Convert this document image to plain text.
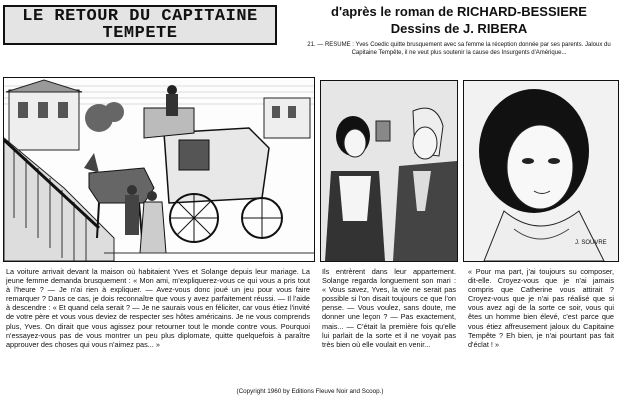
LE RETOUR DU CAPITAINE
TEMPETE
d'après le roman de RICHARD-BESSIERE
Dessins de J. RIBERA
21. — RESUME : Yves Coedic quitte brusquement avec sa femme la réception donnée par ses parents. Jaloux du Capitaine Tempête, il ne veut plus soutenir la cause des Insurgents d'Amérique...
J. SOUVRE
La voiture arrivait devant la maison où habitaient Yves et Solange depuis leur mariage. La jeune femme demanda brusquement : « Mon ami, m'expliquerez-vous ce qui vous a pris tout à l'heure ? — Je n'ai rien à expliquer. — Avez-vous donc joué un jeu pour vous faire remarquer ? Dans ce cas, je dois reconnaître que vous y avez parfaitement réussi. — Il l'aide à descendre : « Et quand cela serait ? — Je ne saurais vous en féliciter, car vous étiez l'invité de votre père et vous vous deviez de respecter ses hôtes américains. Je ne vous comprends plus, Yves. On dirait que vous agissez pour retourner tout le monde contre vous. Pourquoi n'essayez-vous pas de vous montrer un peu plus diplomate, quitte quelquefois à paraître approuver des choses qui vous n'aimez pas... »
Ils entrèrent dans leur appartement. Solange regarda longuement son mari : « Vous savez, Yves, la vie ne serait pas possible si l'on disait toujours ce que l'on pense. — Vous voulez, sans doute, me donner une leçon ? — Pas exactement, mais... — C'était la première fois qu'elle lui parlait de la sorte et il ne voyait pas très bien où elle voulait en venir...
« Pour ma part, j'ai toujours su composer, dit-elle. Croyez-vous que je n'ai jamais compris que Catherine vous attirait ? Croyez-vous que je n'ai pas réalisé que si vous avez agi de la sorte ce soir, vous qui êtes un homme bien élevé, c'est parce que vous étiez affreusement jaloux du Capitaine Tempête ? Eh bien, je n'ai pourtant pas fait d'éclat ! »
(Copyright 1960 by Editions Fleuve Noir and Scoop.)
